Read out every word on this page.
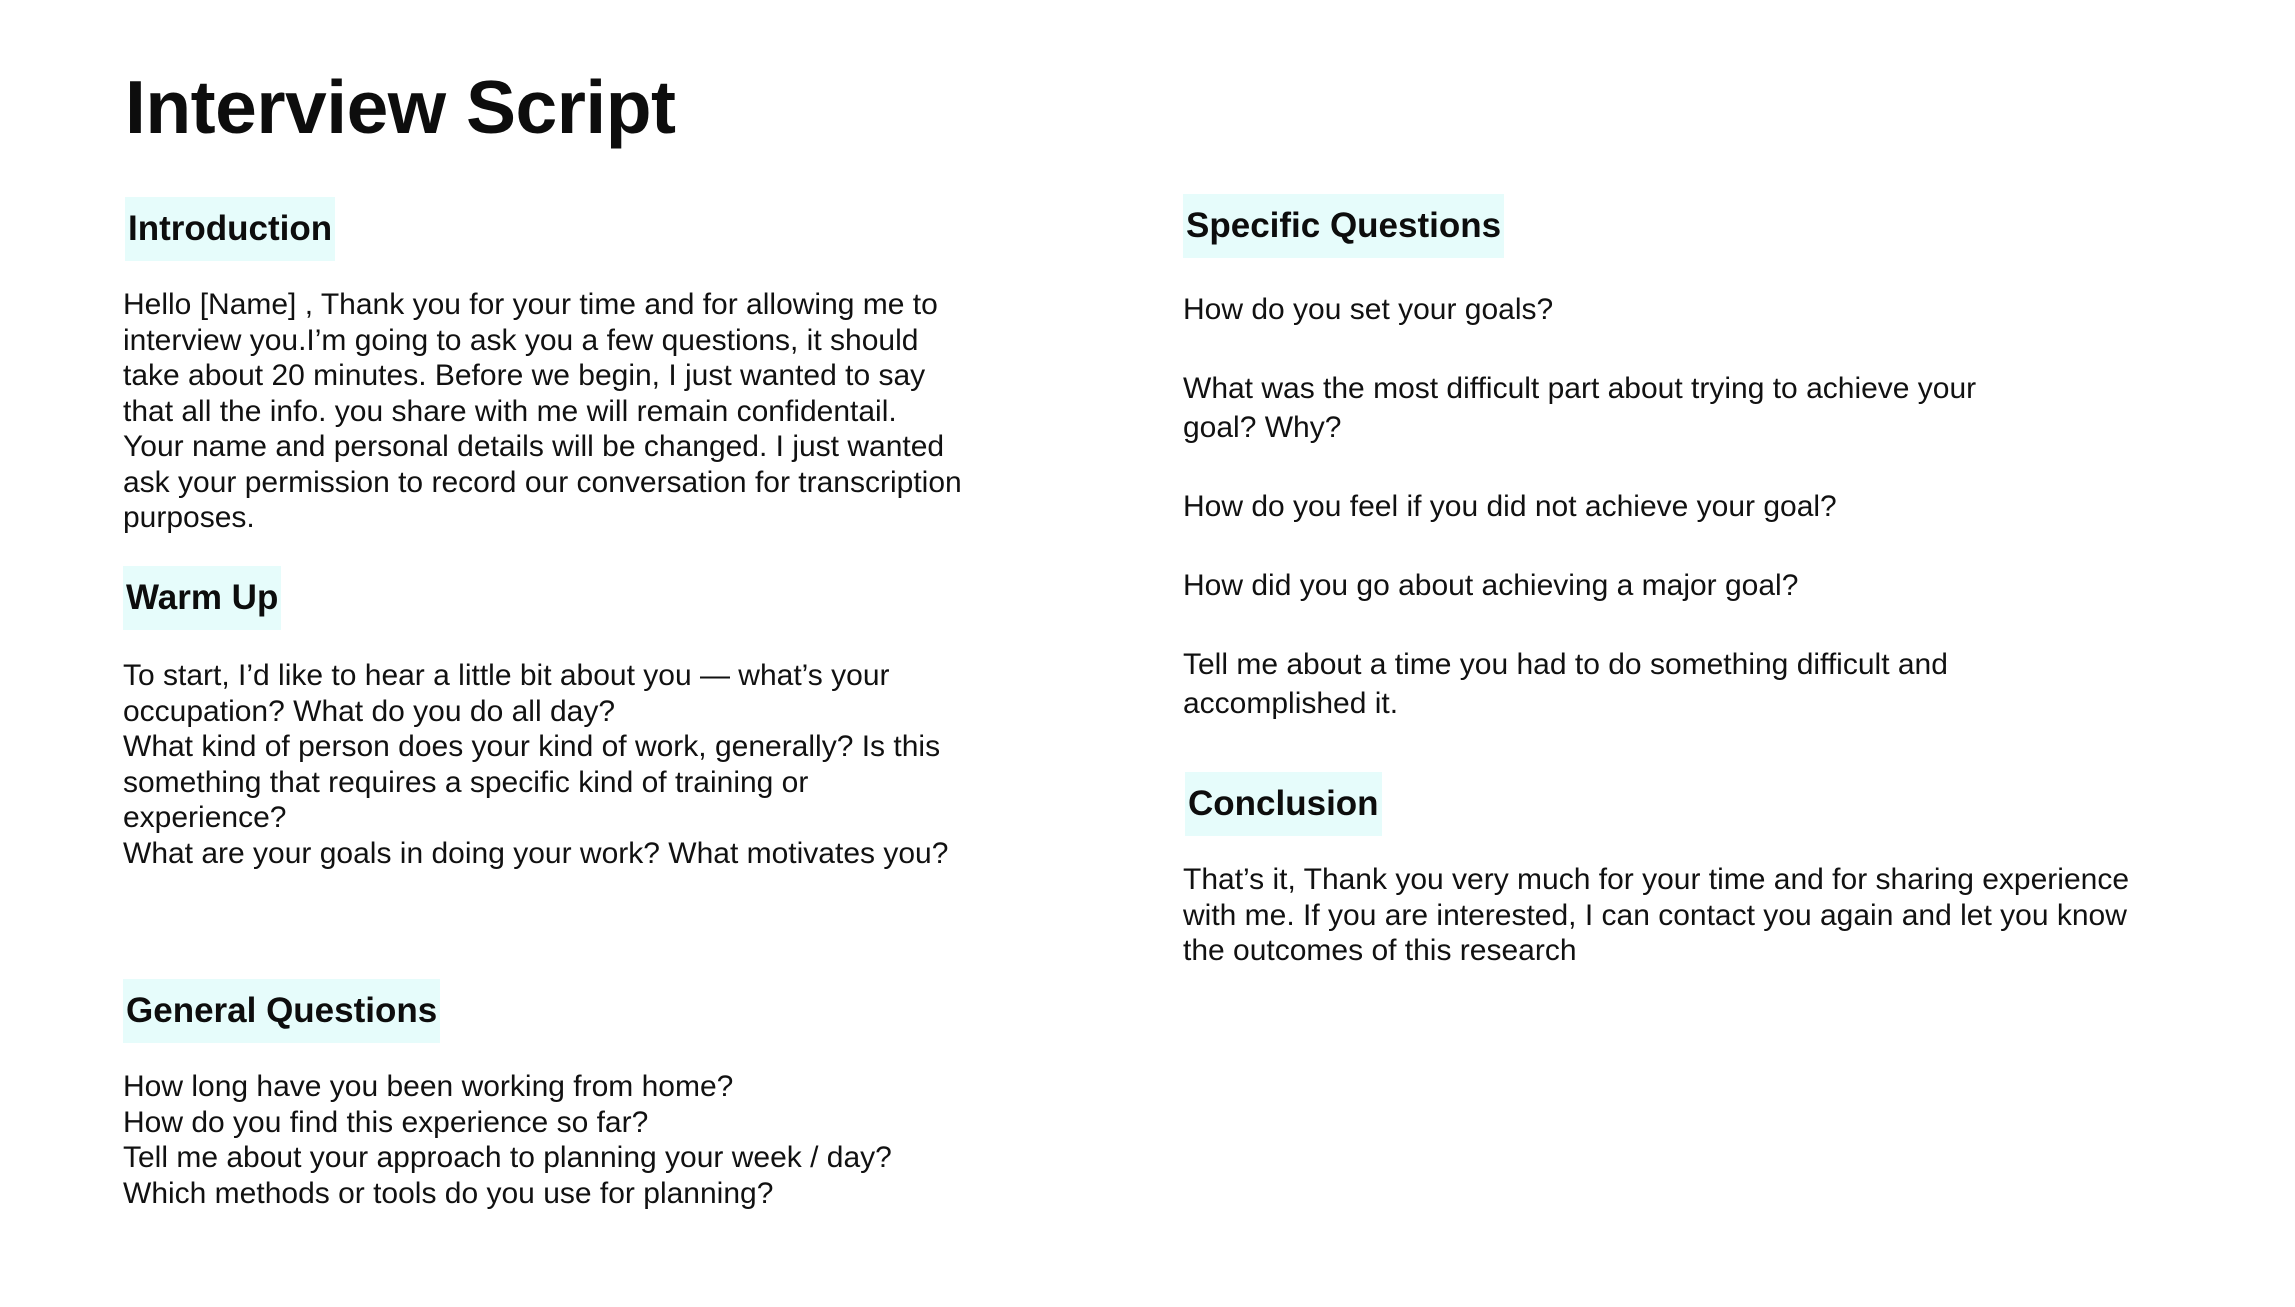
Interview Script
Introduction

Hello [Name] , Thank you for your time and for allowing me to interview you.I’m going to ask you a few questions, it should take about 20 minutes. Before we begin, I just wanted to say that all the info. you share with me will remain confidentail. Your name and personal details will be changed. I just wanted ask your permission to record our conversation for transcription purposes.

Warm Up

To start, I’d like to hear a little bit about you — what’s your occupation? What do you do all day?

What kind of person does your kind of work, generally? Is this something that requires a specific kind of training or experience?

What are your goals in doing your work? What motivates you?

General Questions

How long have you been working from home?

How do you find this experience so far?

Tell me about your approach to planning your week / day?

Which methods or tools do you use for planning?

Specific Questions

How do you set your goals?

What was the most difficult part about trying to achieve your goal? Why?

How do you feel if you did not achieve your goal?

How did you go about achieving a major goal?

Tell me about a time you had to do something difficult and accomplished it.

Conclusion

That’s it, Thank you very much for your time and for sharing experience with me. If you are interested, I can contact you again and let you know the outcomes of this research
